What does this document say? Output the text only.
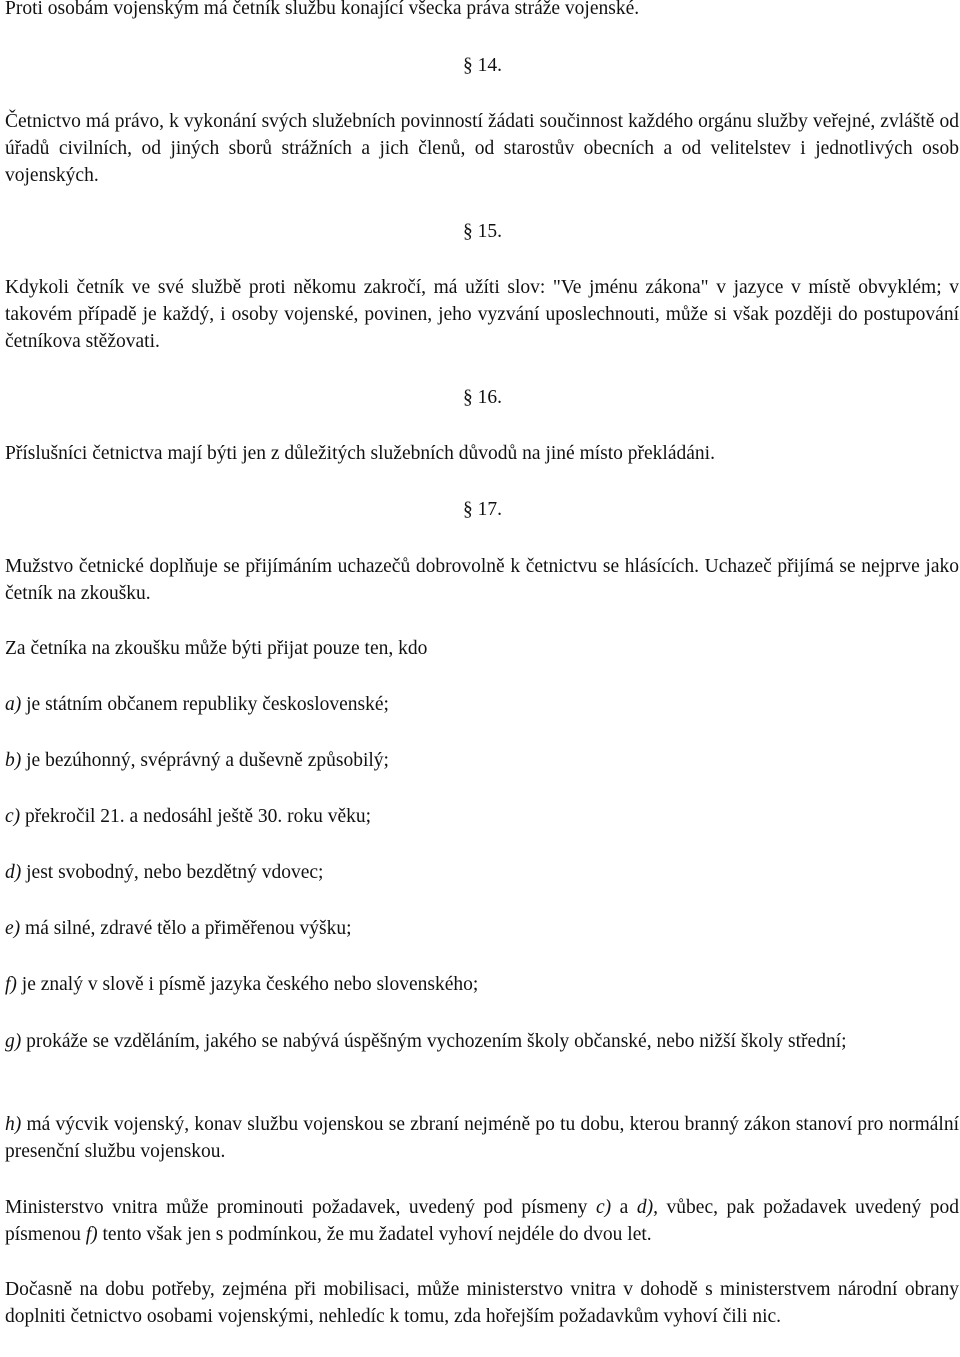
Proti osobám vojenským má četník službu konající všecka práva stráže vojenské.

§ 14.

Četnictvo má právo, k vykonání svých služebních povinností žádati součinnost každého orgánu služby veřejné, zvláště od úřadů civilních, od jiných sborů strážních a jich členů, od starostův obecních a od velitelstev i jednotlivých osob vojenských.

§ 15.

Kdykoli četník ve své službě proti někomu zakročí, má užíti slov: "Ve jménu zákona" v jazyce v místě obvyklém; v takovém případě je každý, i osoby vojenské, povinen, jeho vyzvání uposlechnouti, může si však později do postupování četníkova stěžovati.

§ 16.

Příslušníci četnictva mají býti jen z důležitých služebních důvodů na jiné místo překládáni.

§ 17.

Mužstvo četnické doplňuje se přijímáním uchazečů dobrovolně k četnictvu se hlásících. Uchazeč přijímá se nejprve jako četník na zkoušku.

Za četníka na zkoušku může býti přijat pouze ten, kdo

a) je státním občanem republiky československé;

b) je bezúhonný, svéprávný a duševně způsobilý;

c) překročil 21. a nedosáhl ještě 30. roku věku;

d) jest svobodný, nebo bezdětný vdovec;

e) má silné, zdravé tělo a přiměřenou výšku;

f) je znalý v slově i písmě jazyka českého nebo slovenského;

g) prokáže se vzděláním, jakého se nabývá úspěšným vychozením školy občanské, nebo nižší školy střední;

h) má výcvik vojenský, konav službu vojenskou se zbraní nejméně po tu dobu, kterou branný zákon stanoví pro normální presenční službu vojenskou.

Ministerstvo vnitra může prominouti požadavek, uvedený pod písmeny c) a d), vůbec, pak požadavek uvedený pod písmenou f) tento však jen s podmínkou, že mu žadatel vyhoví nejdéle do dvou let.

Dočasně na dobu potřeby, zejména při mobilisaci, může ministerstvo vnitra v dohodě s ministerstvem národní obrany doplniti četnictvo osobami vojenskými, nehledíc k tomu, zda hořejším požadavkům vyhoví čili nic.
